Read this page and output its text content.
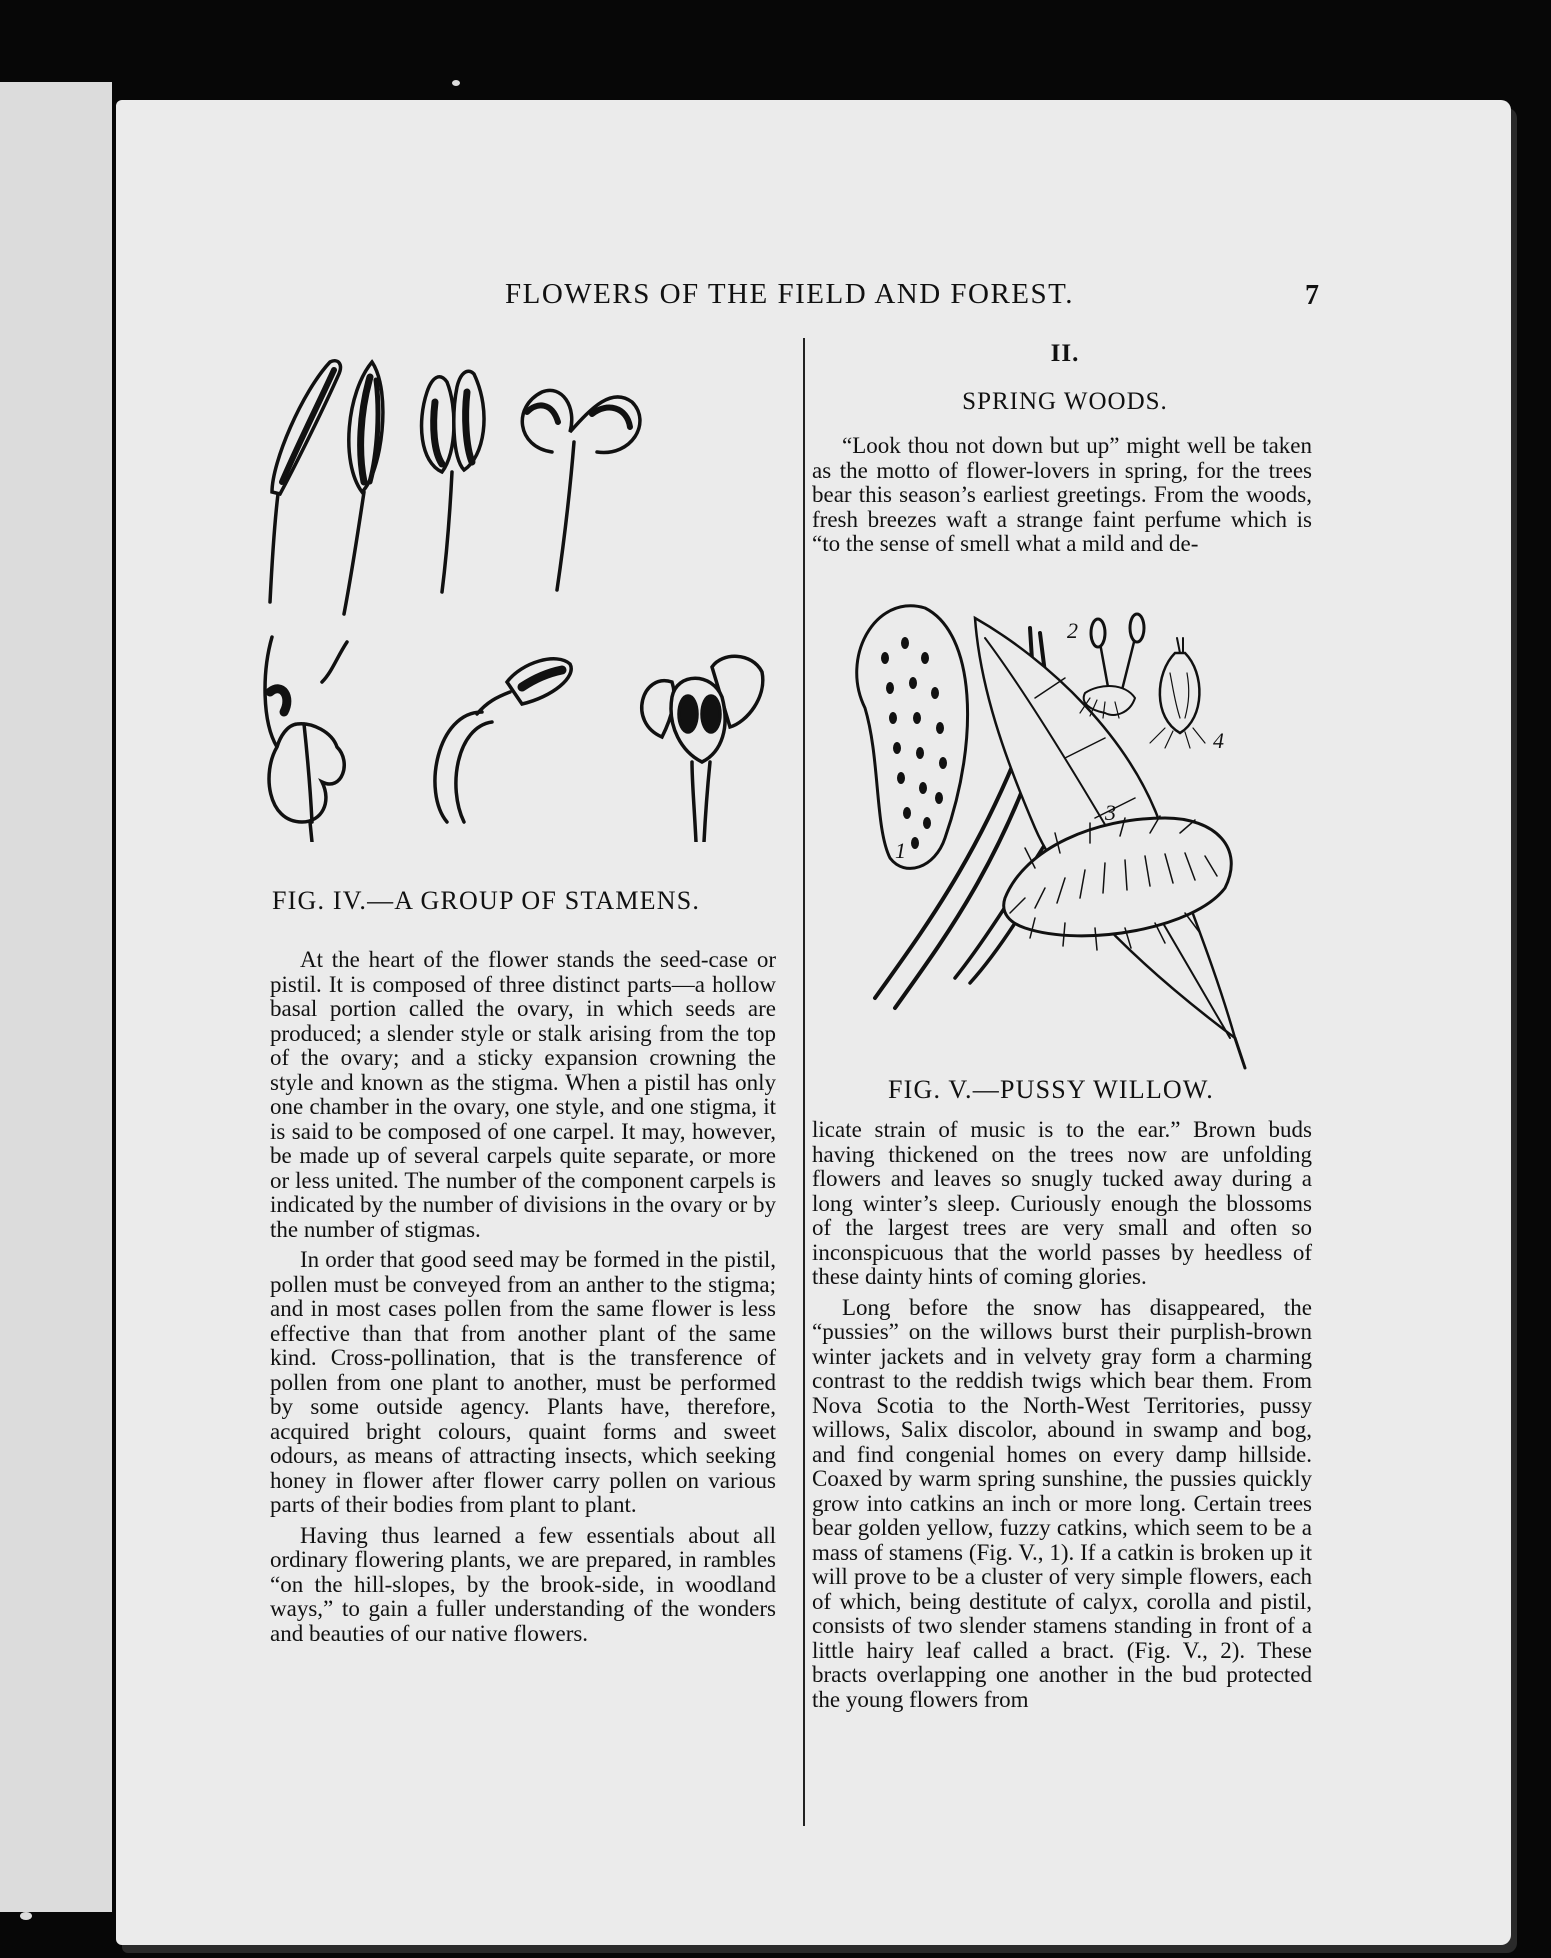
FLOWERS OF THE FIELD AND FOREST.	7
FIG. IV.—A GROUP OF STAMENS.

At the heart of the flower stands the seed-case or pistil. It is composed of three distinct parts—a hollow basal portion called the ovary, in which seeds are produced; a slender style or stalk arising from the top of the ovary; and a sticky expansion crowning the style and known as the stigma. When a pistil has only one chamber in the ovary, one style, and one stigma, it is said to be composed of one carpel. It may, however, be made up of several carpels quite separate, or more or less united. The number of the component carpels is indicated by the number of divisions in the ovary or by the number of stigmas.

In order that good seed may be formed in the pistil, pollen must be conveyed from an anther to the stigma; and in most cases pollen from the same flower is less effective than that from another plant of the same kind. Cross-pollination, that is the transference of pollen from one plant to another, must be performed by some outside agency. Plants have, therefore, acquired bright colours, quaint forms and sweet odours, as means of attracting insects, which seeking honey in flower after flower carry pollen on various parts of their bodies from plant to plant.

Having thus learned a few essentials about all ordinary flowering plants, we are prepared, in rambles “on the hill-slopes, by the brook-side, in woodland ways,” to gain a fuller understanding of the wonders and beauties of our native flowers.

II.
SPRING WOODS.

“Look thou not down but up” might well be taken as the motto of flower-lovers in spring, for the trees bear this season’s earliest greetings. From the woods, fresh breezes waft a strange faint perfume which is “to the sense of smell what a mild and de-

1
2
3
4
FIG. V.—PUSSY WILLOW.

licate strain of music is to the ear.” Brown buds having thickened on the trees now are unfolding flowers and leaves so snugly tucked away during a long winter’s sleep. Curiously enough the blossoms of the largest trees are very small and often so inconspicuous that the world passes by heedless of these dainty hints of coming glories.

Long before the snow has disappeared, the “pussies” on the willows burst their purplish-brown winter jackets and in velvety gray form a charming contrast to the reddish twigs which bear them. From Nova Scotia to the North-West Territories, pussy willows, Salix discolor, abound in swamp and bog, and find congenial homes on every damp hillside. Coaxed by warm spring sunshine, the pussies quickly grow into catkins an inch or more long. Certain trees bear golden yellow, fuzzy catkins, which seem to be a mass of stamens (Fig. V., 1). If a catkin is broken up it will prove to be a cluster of very simple flowers, each of which, being destitute of calyx, corolla and pistil, consists of two slender stamens standing in front of a little hairy leaf called a bract. (Fig. V., 2). These bracts overlapping one another in the bud protected the young flowers from
